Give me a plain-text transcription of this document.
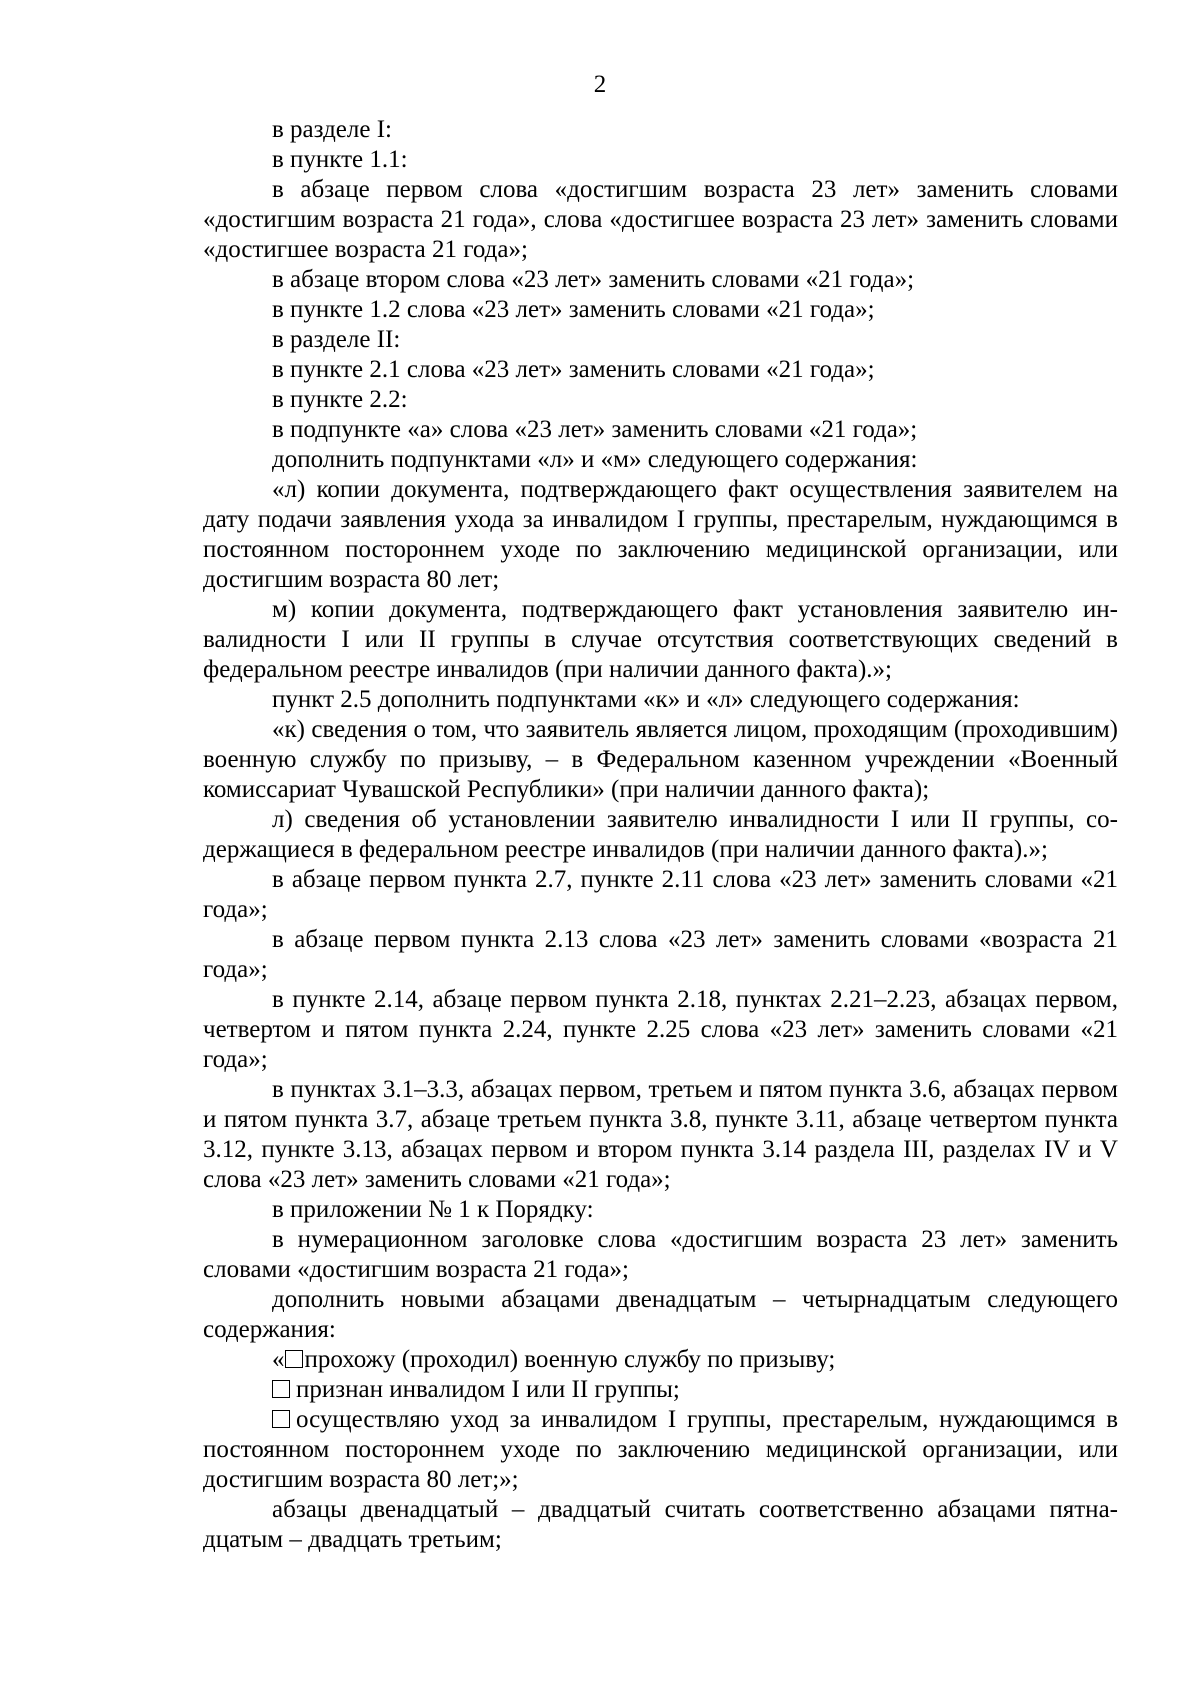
2

в разделе I:

в пункте 1.1:

в абзаце первом слова «достигшим возраста 23 лет» заменить словами «достигшим возраста 21 года», слова «достигшее возраста 23 лет» заменить словами «достигшее возраста 21 года»;

в абзаце втором слова «23 лет» заменить словами «21 года»;

в пункте 1.2 слова «23 лет» заменить словами «21 года»;

в разделе II:

в пункте 2.1 слова «23 лет» заменить словами «21 года»;

в пункте 2.2:

в подпункте «а» слова «23 лет» заменить словами «21 года»;

дополнить подпунктами «л» и «м» следующего содержания:

«л) копии документа, подтверждающего факт осуществления заявителем на дату подачи заявления ухода за инвалидом I группы, престарелым, нуждающимся в постоянном постороннем уходе по заключению медицинской организации, или достигшим возраста 80 лет;

м) копии документа, подтверждающего факт установления заявителю инвалидности I или II группы в случае отсутствия соответствующих сведений в федеральном реестре инвалидов (при наличии данного факта).»;

пункт 2.5 дополнить подпунктами «к» и «л» следующего содержания:

«к) сведения о том, что заявитель является лицом, проходящим (проходившим) военную службу по призыву, – в Федеральном казенном учреждении «Военный комиссариат Чувашской Республики» (при наличии данного факта);

л) сведения об установлении заявителю инвалидности I или II группы, содержащиеся в федеральном реестре инвалидов (при наличии данного факта).»;

в абзаце первом пункта 2.7, пункте 2.11 слова «23 лет» заменить словами «21 года»;

в абзаце первом пункта 2.13 слова «23 лет» заменить словами «возраста 21 года»;

в пункте 2.14, абзаце первом пункта 2.18, пунктах 2.21–2.23, абзацах первом, четвертом и пятом пункта 2.24, пункте 2.25 слова «23 лет» заменить словами «21 года»;

в пунктах 3.1–3.3, абзацах первом, третьем и пятом пункта 3.6, абзацах первом и пятом пункта 3.7, абзаце третьем пункта 3.8, пункте 3.11, абзаце четвертом пункта 3.12, пункте 3.13, абзацах первом и втором пункта 3.14 раздела III, разделах IV и V слова «23 лет» заменить словами «21 года»;

в приложении № 1 к Порядку:

в нумерационном заголовке слова «достигшим возраста 23 лет» заменить словами «достигшим возраста 21 года»;

дополнить новыми абзацами двенадцатым – четырнадцатым следующего содержания:

« прохожу (проходил) военную службу по призыву;

признан инвалидом I или II группы;

осуществляю уход за инвалидом I группы, престарелым, нуждающимся в постоянном постороннем уходе по заключению медицинской организации, или достигшим возраста 80 лет;»;

абзацы двенадцатый – двадцатый считать соответственно абзацами пятнадцатым – двадцать третьим;
